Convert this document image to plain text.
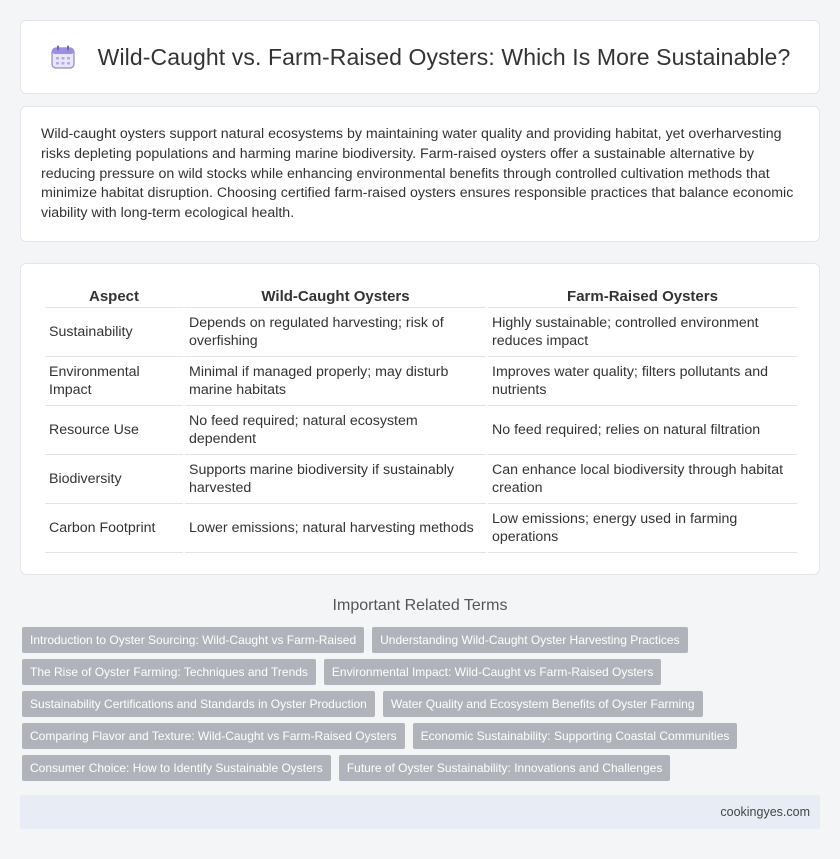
Wild-Caught vs. Farm-Raised Oysters: Which Is More Sustainable?

Wild-caught oysters support natural ecosystems by maintaining water quality and providing habitat, yet overharvesting risks depleting populations and harming marine biodiversity. Farm-raised oysters offer a sustainable alternative by reducing pressure on wild stocks while enhancing environmental benefits through controlled cultivation methods that minimize habitat disruption. Choosing certified farm-raised oysters ensures responsible practices that balance economic viability with long-term ecological health.

Aspect	Wild-Caught Oysters	Farm-Raised Oysters
Sustainability	Depends on regulated harvesting; risk of overfishing	Highly sustainable; controlled environment reduces impact
Environmental Impact	Minimal if managed properly; may disturb marine habitats	Improves water quality; filters pollutants and nutrients
Resource Use	No feed required; natural ecosystem dependent	No feed required; relies on natural filtration
Biodiversity	Supports marine biodiversity if sustainably harvested	Can enhance local biodiversity through habitat creation
Carbon Footprint	Lower emissions; natural harvesting methods	Low emissions; energy used in farming operations
Important Related Terms
Introduction to Oyster Sourcing: Wild-Caught vs Farm-Raised	Understanding Wild-Caught Oyster Harvesting Practices
The Rise of Oyster Farming: Techniques and Trends	Environmental Impact: Wild-Caught vs Farm-Raised Oysters
Sustainability Certifications and Standards in Oyster Production	Water Quality and Ecosystem Benefits of Oyster Farming
Comparing Flavor and Texture: Wild-Caught vs Farm-Raised Oysters	Economic Sustainability: Supporting Coastal Communities
Consumer Choice: How to Identify Sustainable Oysters	Future of Oyster Sustainability: Innovations and Challenges
cookingyes.com
